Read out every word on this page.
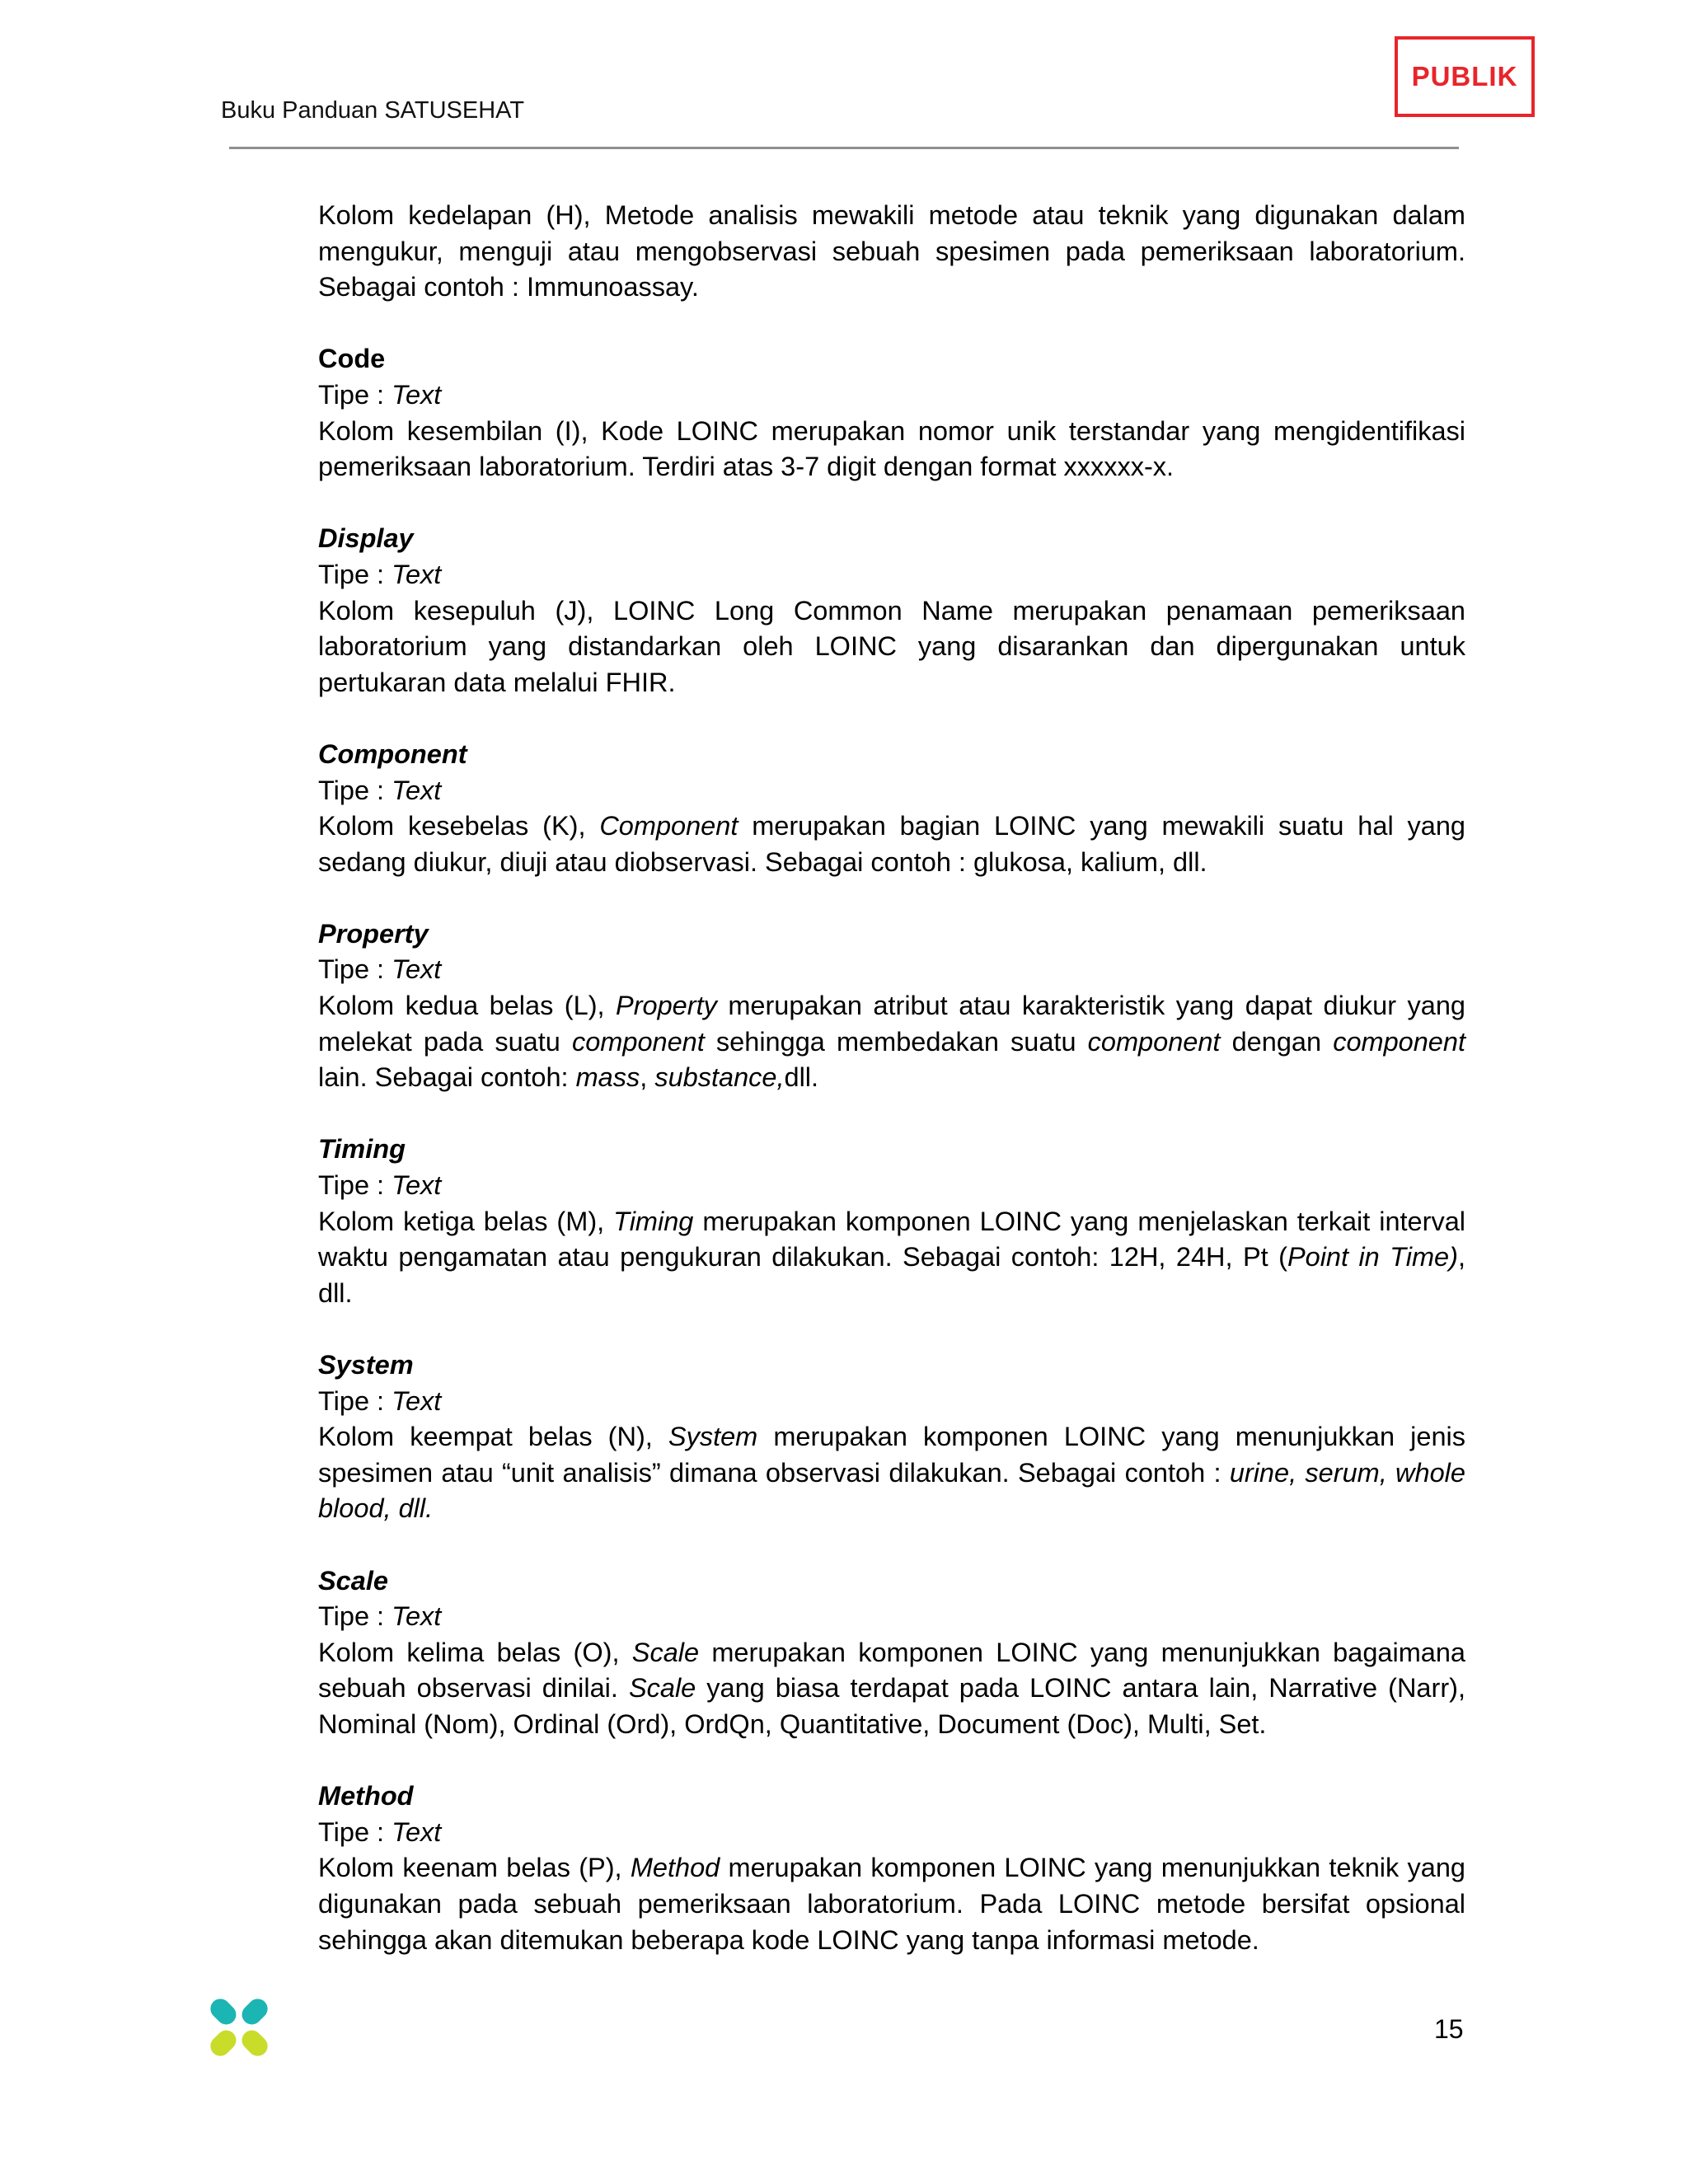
Buku Panduan SATUSEHAT
PUBLIK

Kolom kedelapan (H), Metode analisis mewakili metode atau teknik yang digunakan dalam mengukur, menguji atau mengobservasi sebuah spesimen pada pemeriksaan laboratorium. Sebagai contoh : Immunoassay.

Code

Tipe : Text

Kolom kesembilan (I), Kode LOINC merupakan nomor unik terstandar yang mengidentifikasi pemeriksaan laboratorium. Terdiri atas 3-7 digit dengan format xxxxxx-x.

Display

Tipe : Text

Kolom kesepuluh (J), LOINC Long Common Name merupakan penamaan pemeriksaan laboratorium yang distandarkan oleh LOINC yang disarankan dan dipergunakan untuk pertukaran data melalui FHIR.

Component

Tipe : Text

Kolom kesebelas (K), Component merupakan bagian LOINC yang mewakili suatu hal yang sedang diukur, diuji atau diobservasi. Sebagai contoh : glukosa, kalium, dll.

Property

Tipe : Text

Kolom kedua belas (L), Property merupakan atribut atau karakteristik yang dapat diukur yang melekat pada suatu component sehingga membedakan suatu component dengan component lain. Sebagai contoh: mass, substance,dll.

Timing

Tipe : Text

Kolom ketiga belas (M), Timing merupakan komponen LOINC yang menjelaskan terkait interval waktu pengamatan atau pengukuran dilakukan. Sebagai contoh: 12H, 24H, Pt (Point in Time), dll.

System

Tipe : Text

Kolom keempat belas (N), System merupakan komponen LOINC yang menunjukkan jenis spesimen atau “unit analisis” dimana observasi dilakukan. Sebagai contoh : urine, serum, whole blood, dll.

Scale

Tipe : Text

Kolom kelima belas (O), Scale merupakan komponen LOINC yang menunjukkan bagaimana sebuah observasi dinilai. Scale yang biasa terdapat pada LOINC antara lain, Narrative (Narr), Nominal (Nom), Ordinal (Ord), OrdQn, Quantitative, Document (Doc), Multi, Set.

Method

Tipe : Text

Kolom keenam belas (P), Method merupakan komponen LOINC yang menunjukkan teknik yang digunakan pada sebuah pemeriksaan laboratorium. Pada LOINC metode bersifat opsional sehingga akan ditemukan beberapa kode LOINC yang tanpa informasi metode.

15
